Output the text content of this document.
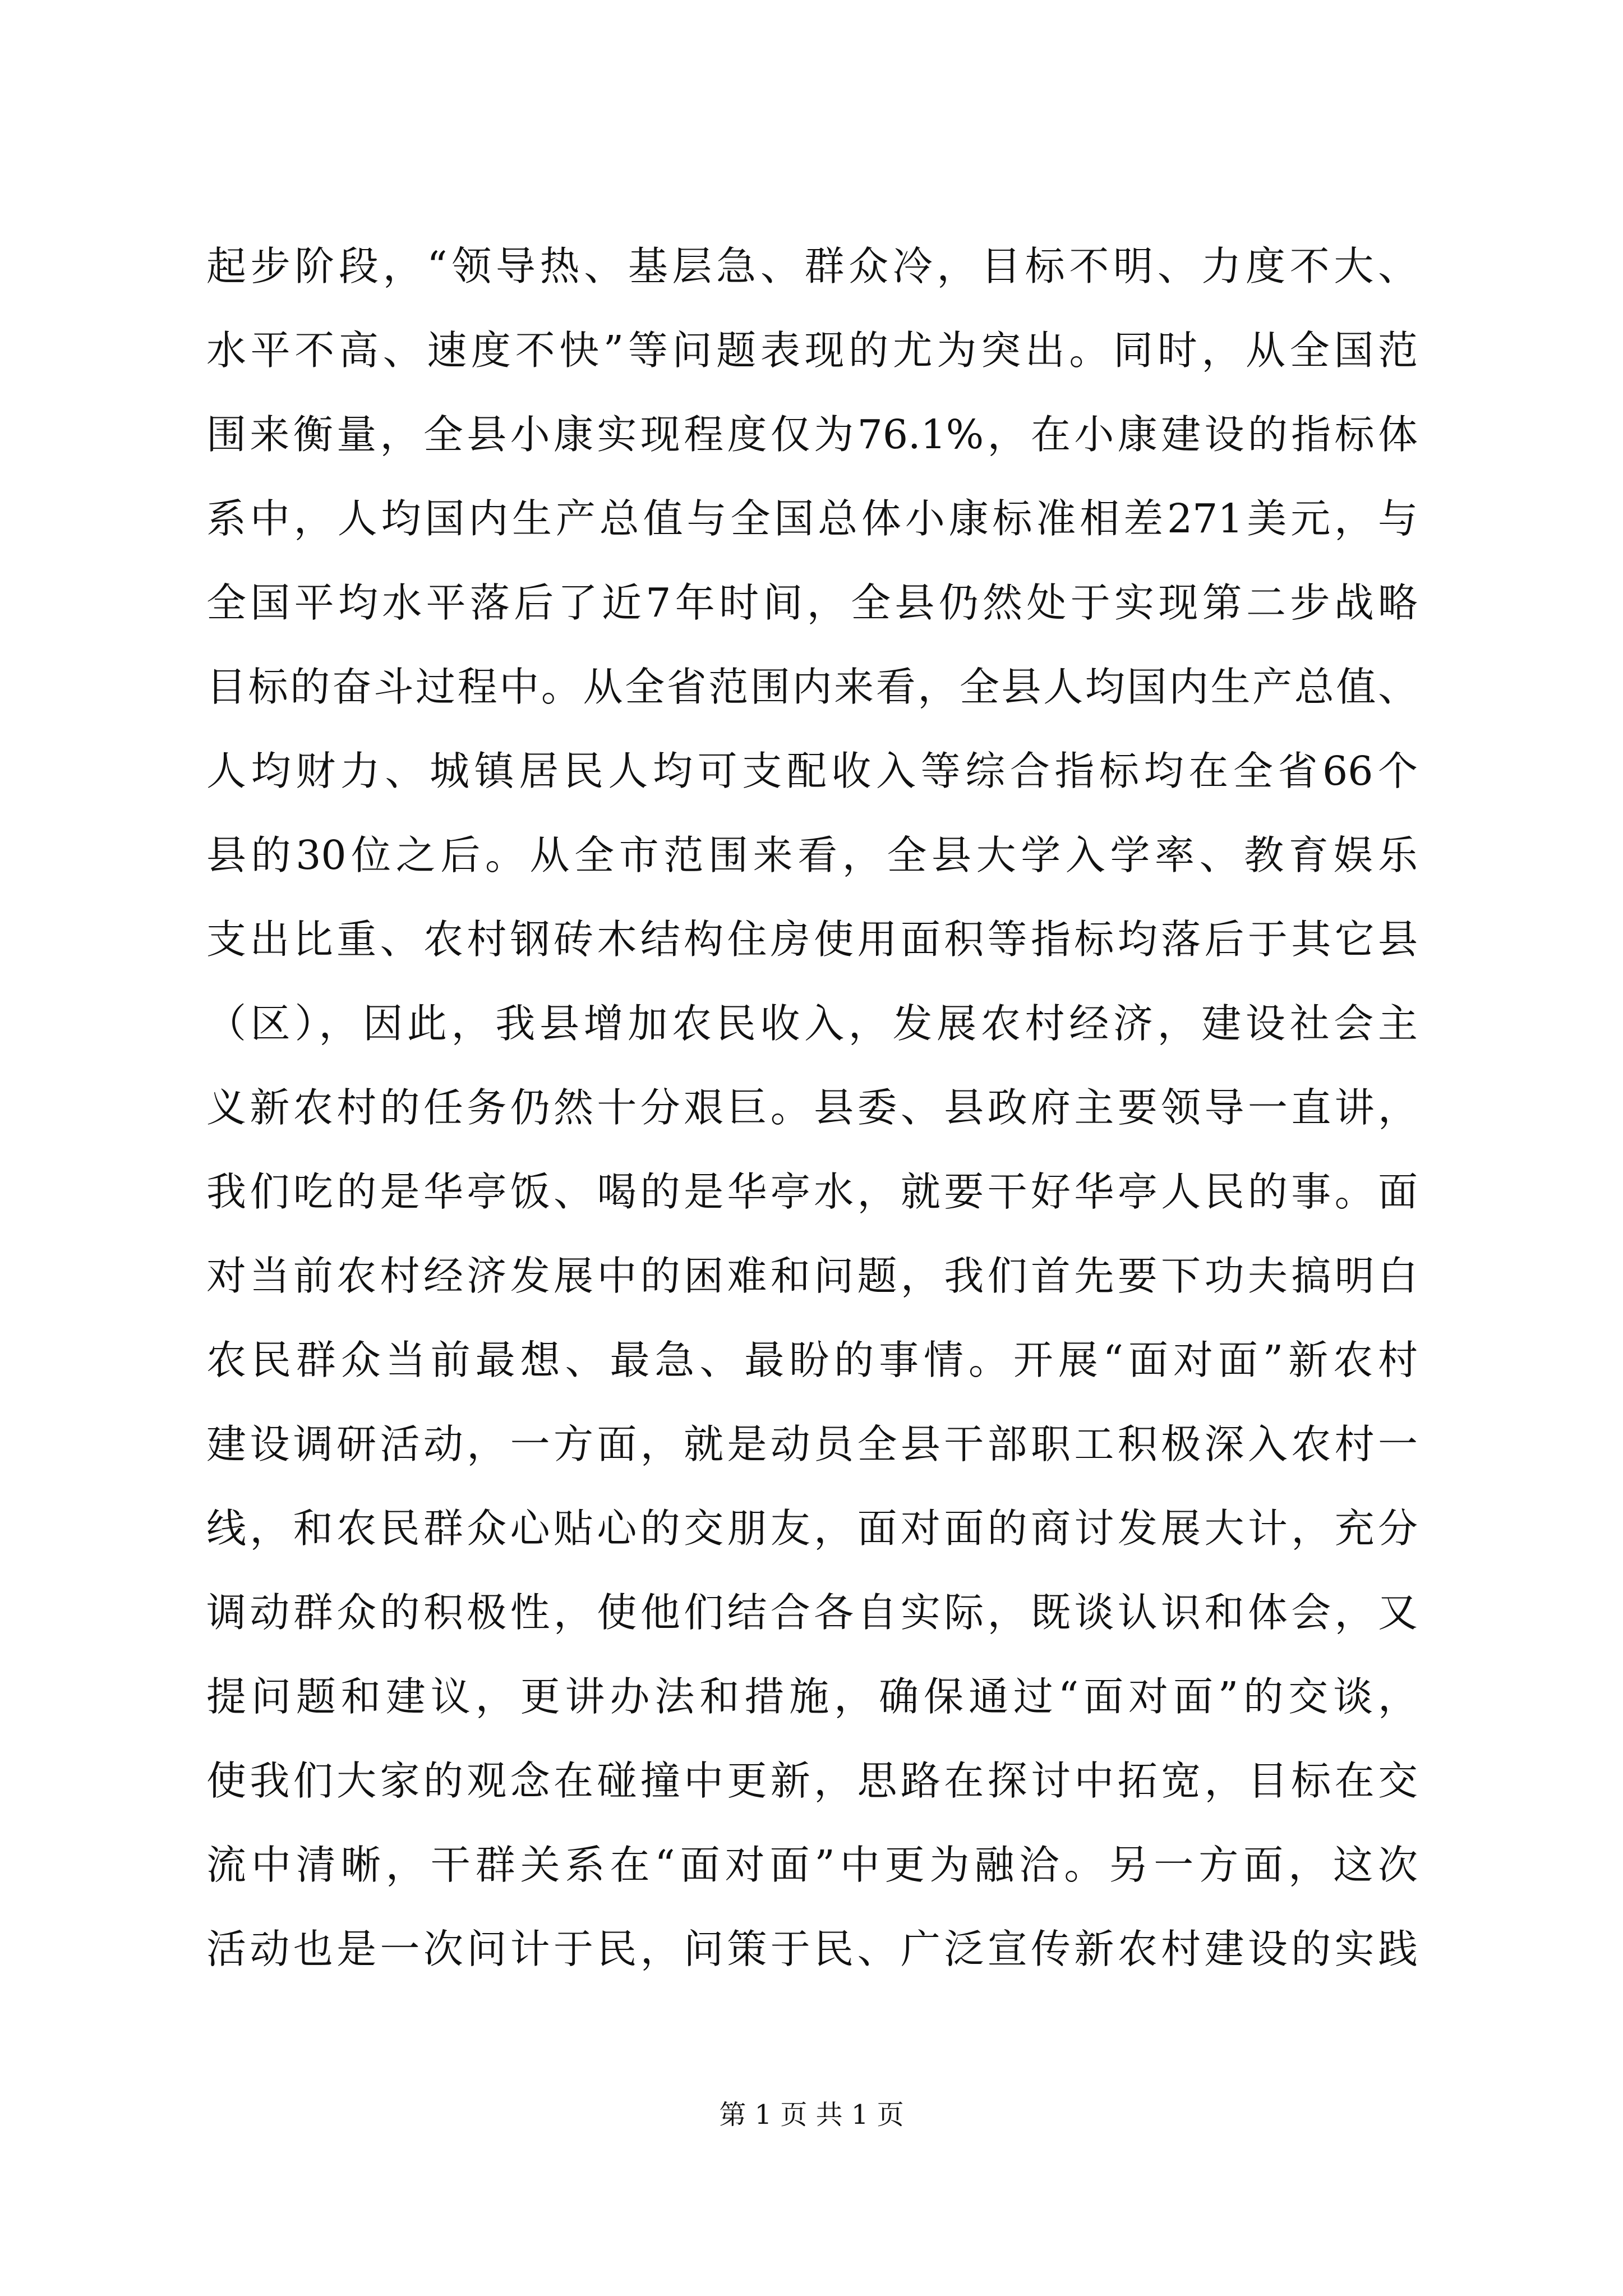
起步阶段，“领导热、基层急、群众冷，目标不明、力度不大、
水平不高、速度不快”等问题表现的尤为突出。同时，从全国范
围来衡量，全县小康实现程度仅为76.1%，在小康建设的指标体
系中，人均国内生产总值与全国总体小康标准相差271美元，与
全国平均水平落后了近7年时间，全县仍然处于实现第二步战略
目标的奋斗过程中。从全省范围内来看，全县人均国内生产总值、
人均财力、城镇居民人均可支配收入等综合指标均在全省66个
县的30位之后。从全市范围来看，全县大学入学率、教育娱乐
支出比重、农村钢砖木结构住房使用面积等指标均落后于其它县
（区），因此，我县增加农民收入，发展农村经济，建设社会主
义新农村的任务仍然十分艰巨。县委、县政府主要领导一直讲，
我们吃的是华亭饭、喝的是华亭水，就要干好华亭人民的事。面
对当前农村经济发展中的困难和问题，我们首先要下功夫搞明白
农民群众当前最想、最急、最盼的事情。开展“面对面”新农村
建设调研活动，一方面，就是动员全县干部职工积极深入农村一
线，和农民群众心贴心的交朋友，面对面的商讨发展大计，充分
调动群众的积极性，使他们结合各自实际，既谈认识和体会，又
提问题和建议，更讲办法和措施，确保通过“面对面”的交谈，
使我们大家的观念在碰撞中更新，思路在探讨中拓宽，目标在交
流中清晰，干群关系在“面对面”中更为融洽。另一方面，这次
活动也是一次问计于民，问策于民、广泛宣传新农村建设的实践
第 1 页 共 1 页
